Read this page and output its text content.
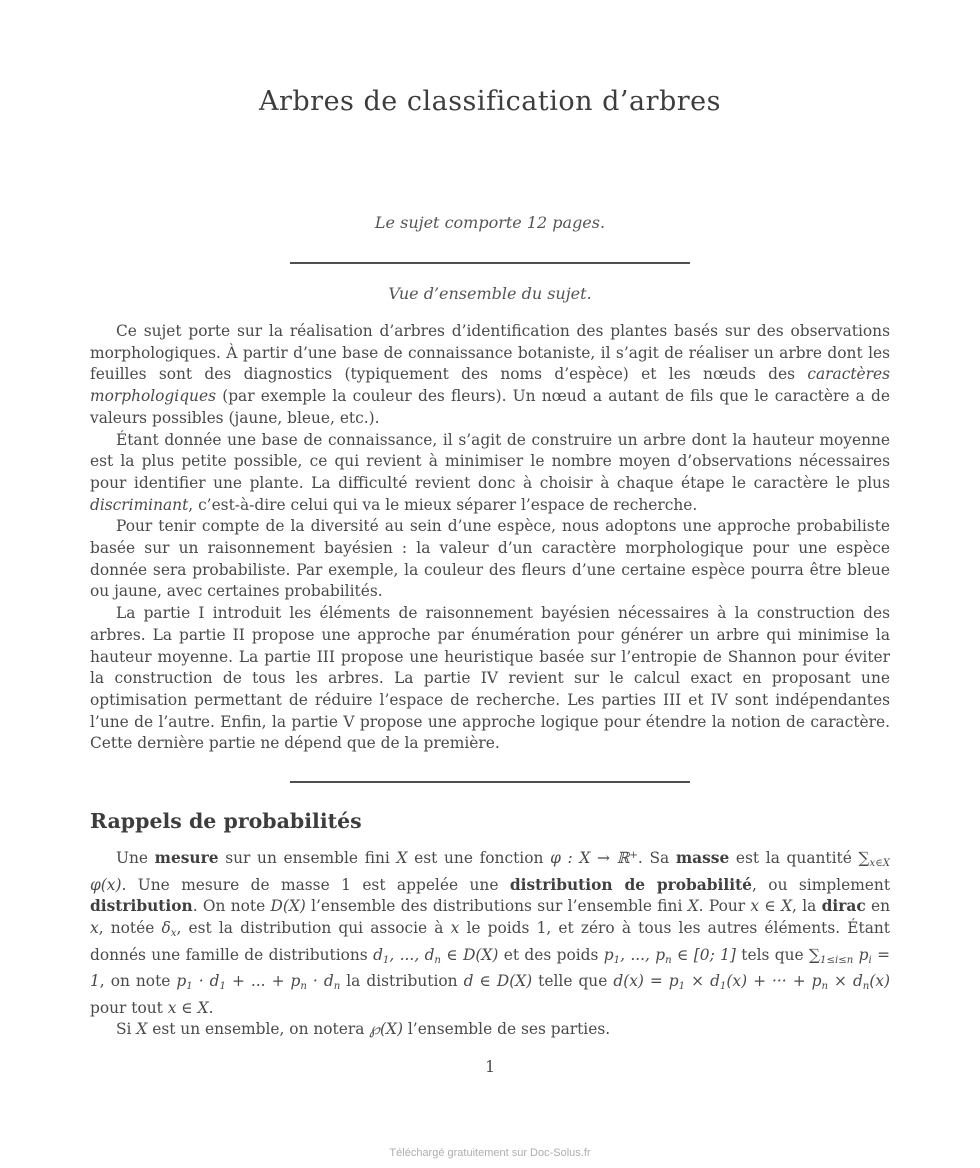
Arbres de classification d’arbres
Le sujet comporte 12 pages.
Vue d’ensemble du sujet.

Ce sujet porte sur la réalisation d’arbres d’identification des plantes basés sur des observations morphologiques. À partir d’une base de connaissance botaniste, il s’agit de réaliser un arbre dont les feuilles sont des diagnostics (typiquement des noms d’espèce) et les nœuds des caractères morphologiques (par exemple la couleur des fleurs). Un nœud a autant de fils que le caractère a de valeurs possibles (jaune, bleue, etc.).

Étant donnée une base de connaissance, il s’agit de construire un arbre dont la hauteur moyenne est la plus petite possible, ce qui revient à minimiser le nombre moyen d’observations nécessaires pour identifier une plante. La difficulté revient donc à choisir à chaque étape le caractère le plus discriminant, c’est-à-dire celui qui va le mieux séparer l’espace de recherche.

Pour tenir compte de la diversité au sein d’une espèce, nous adoptons une approche probabiliste basée sur un raisonnement bayésien : la valeur d’un caractère morphologique pour une espèce donnée sera probabiliste. Par exemple, la couleur des fleurs d’une certaine espèce pourra être bleue ou jaune, avec certaines probabilités.

La partie I introduit les éléments de raisonnement bayésien nécessaires à la construction des arbres. La partie II propose une approche par énumération pour générer un arbre qui minimise la hauteur moyenne. La partie III propose une heuristique basée sur l’entropie de Shannon pour éviter la construction de tous les arbres. La partie IV revient sur le calcul exact en proposant une optimisation permettant de réduire l’espace de recherche. Les parties III et IV sont indépendantes l’une de l’autre. Enfin, la partie V propose une approche logique pour étendre la notion de caractère. Cette dernière partie ne dépend que de la première.

Rappels de probabilités

Une mesure sur un ensemble fini X est une fonction φ : X → ℝ+. Sa masse est la quantité ∑x∈X φ(x). Une mesure de masse 1 est appelée une distribution de probabilité, ou simplement distribution. On note D(X) l’ensemble des distributions sur l’ensemble fini X. Pour x ∈ X, la dirac en x, notée δx, est la distribution qui associe à x le poids 1, et zéro à tous les autres éléments. Étant donnés une famille de distributions d1, ..., dn ∈ D(X) et des poids p1, ..., pn ∈ [0; 1] tels que ∑1≤i≤n pi = 1, on note p1 · d1 + ... + pn · dn la distribution d ∈ D(X) telle que d(x) = p1 × d1(x) + ··· + pn × dn(x) pour tout x ∈ X.

Si X est un ensemble, on notera ℘(X) l’ensemble de ses parties.

1
Téléchargé gratuitement sur Doc-Solus.fr
